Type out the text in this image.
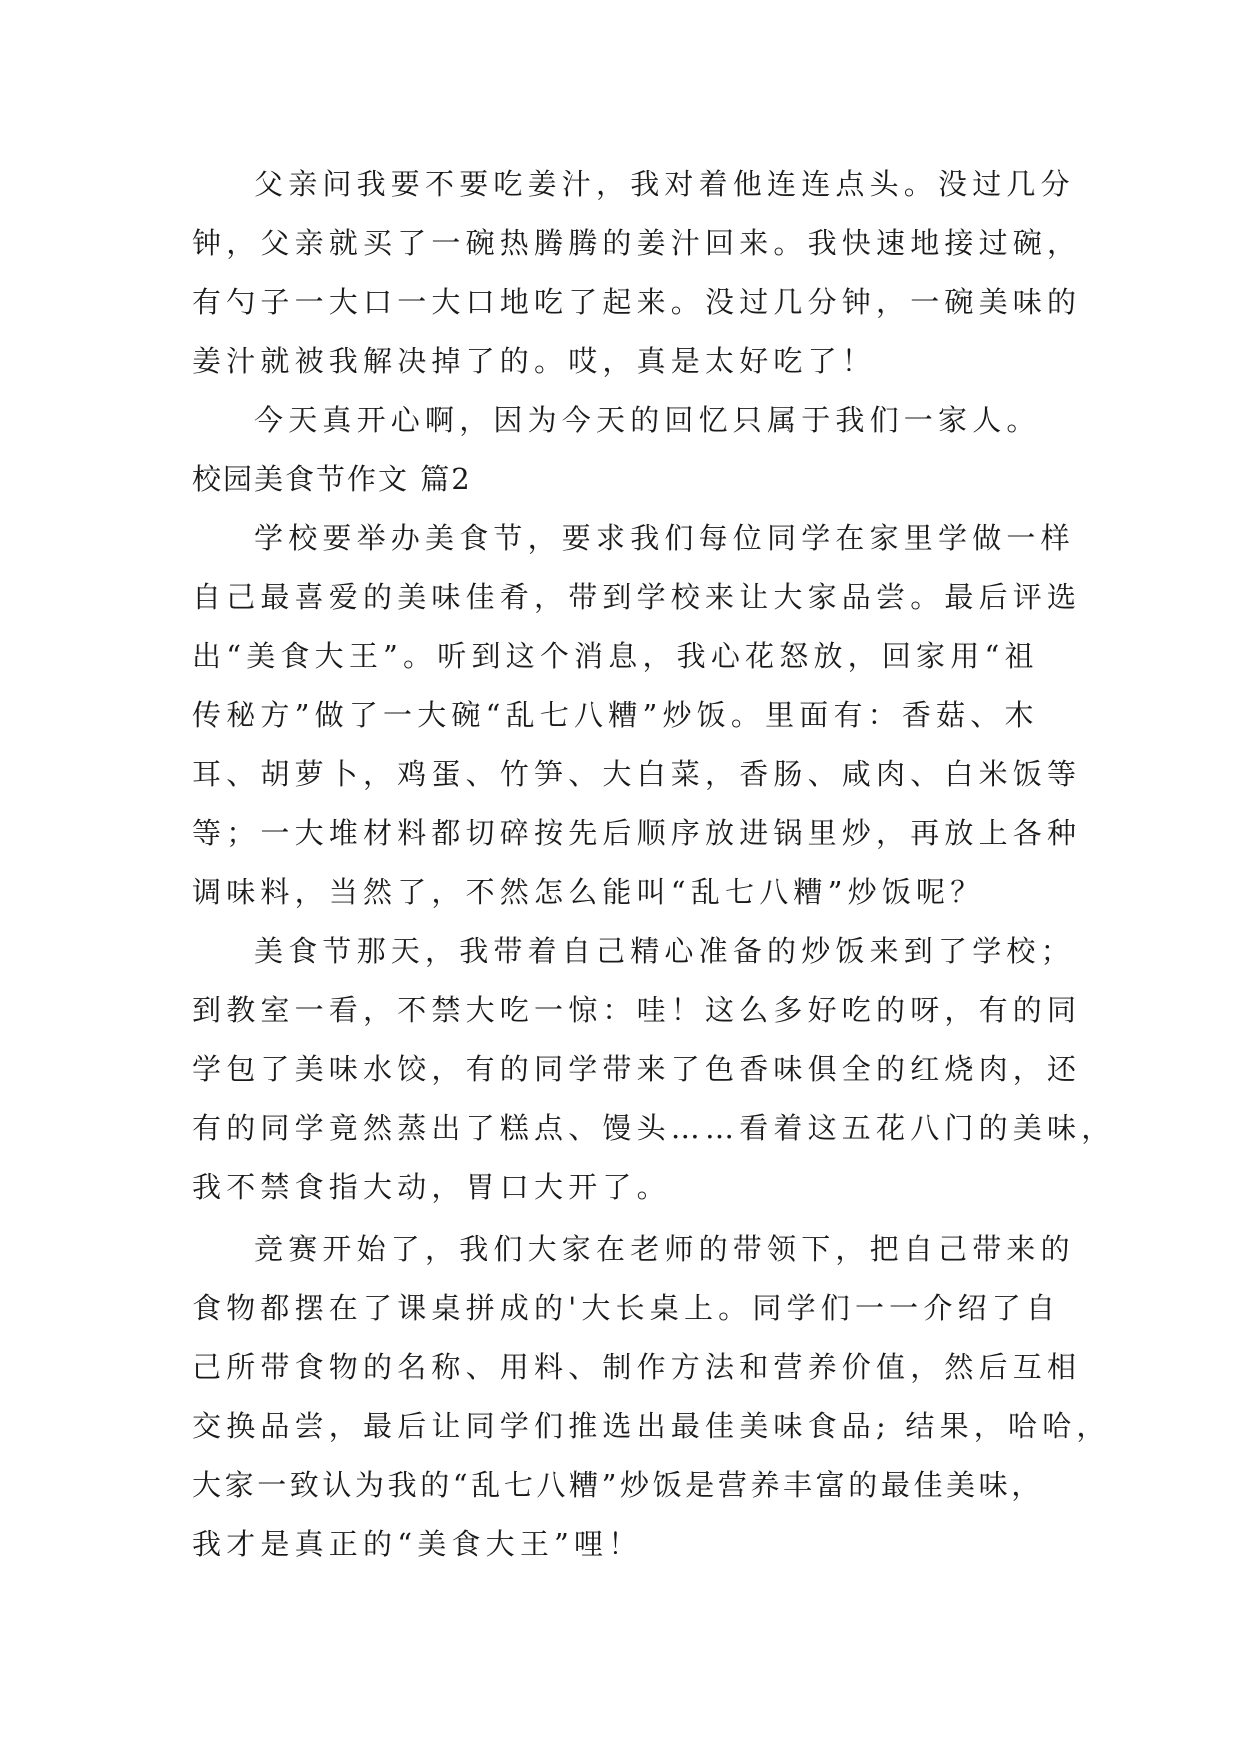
父亲问我要不要吃姜汁，我对着他连连点头。没过几分
钟，父亲就买了一碗热腾腾的姜汁回来。我快速地接过碗，
有勺子一大口一大口地吃了起来。没过几分钟，一碗美味的
姜汁就被我解决掉了的。哎，真是太好吃了！
今天真开心啊，因为今天的回忆只属于我们一家人。
校园美食节作文 篇2
学校要举办美食节，要求我们每位同学在家里学做一样
自己最喜爱的美味佳肴，带到学校来让大家品尝。最后评选
出“美食大王”。听到这个消息，我心花怒放，回家用“祖
传秘方”做了一大碗“乱七八糟”炒饭。里面有：香菇、木
耳、胡萝卜，鸡蛋、竹笋、大白菜，香肠、咸肉、白米饭等
等；一大堆材料都切碎按先后顺序放进锅里炒，再放上各种
调味料，当然了，不然怎么能叫“乱七八糟”炒饭呢？
美食节那天，我带着自己精心准备的炒饭来到了学校；
到教室一看，不禁大吃一惊：哇！这么多好吃的呀，有的同
学包了美味水饺，有的同学带来了色香味俱全的红烧肉，还
有的同学竟然蒸出了糕点、馒头……看着这五花八门的美味，
我不禁食指大动，胃口大开了。
竞赛开始了，我们大家在老师的带领下，把自己带来的
食物都摆在了课桌拼成的'大长桌上。同学们一一介绍了自
己所带食物的名称、用料、制作方法和营养价值，然后互相
交换品尝，最后让同学们推选出最佳美味食品; 结果，哈哈，
大家一致认为我的“乱七八糟”炒饭是营养丰富的最佳美味，
我才是真正的“美食大王”哩！
